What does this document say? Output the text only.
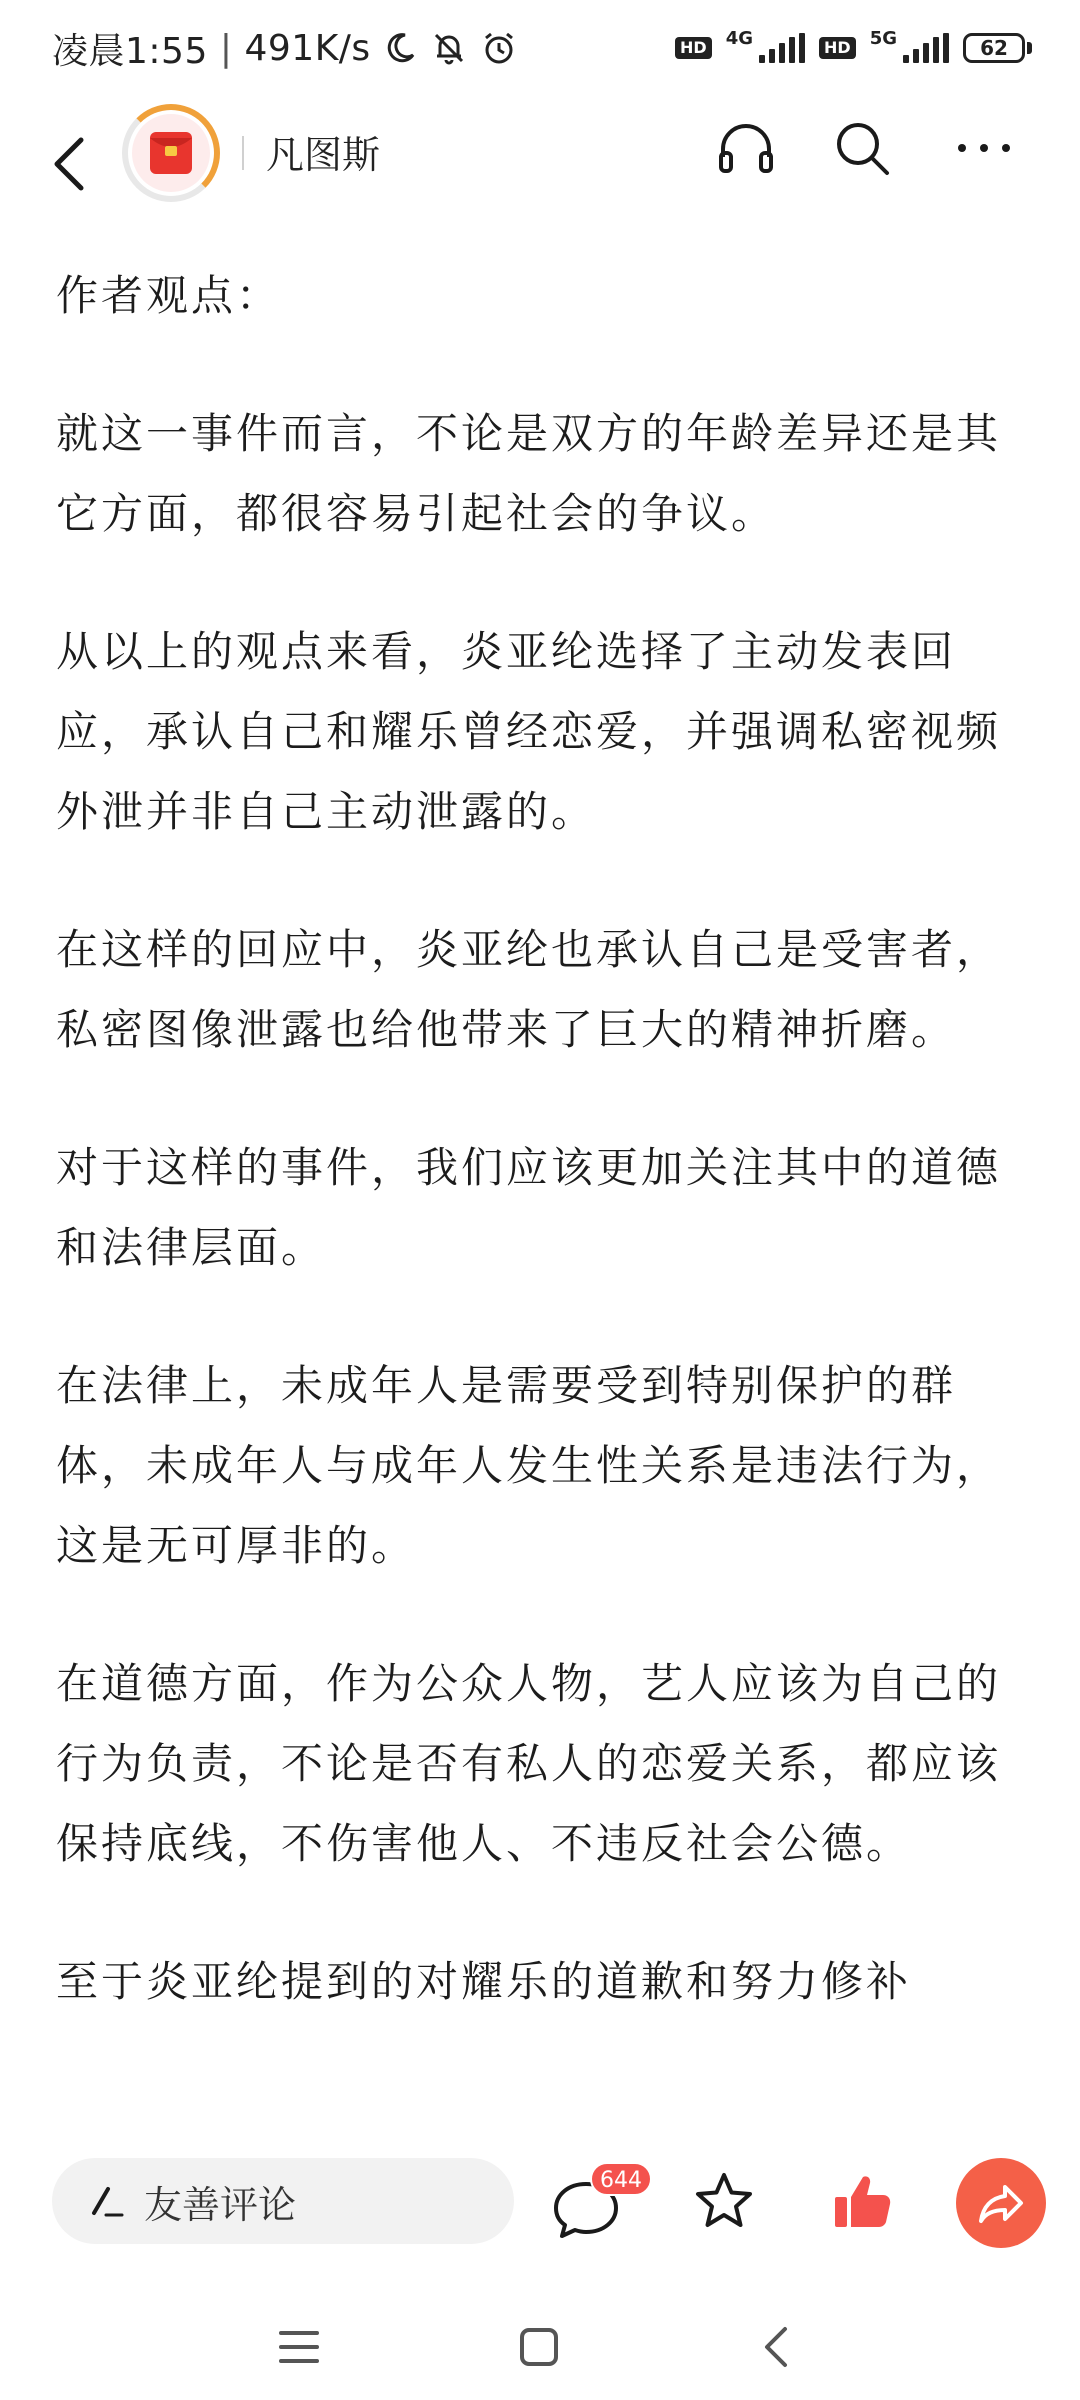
凌晨1:55 | 491K/s	HD 4G	HD 5G	62
凡图斯

作者观点：

就这一事件而言，不论是双方的年龄差异还是其它方面，都很容易引起社会的争议。

从以上的观点来看，炎亚纶选择了主动发表回应，承认自己和耀乐曾经恋爱，并强调私密视频外泄并非自己主动泄露的。

在这样的回应中，炎亚纶也承认自己是受害者，私密图像泄露也给他带来了巨大的精神折磨。

对于这样的事件，我们应该更加关注其中的道德和法律层面。

在法律上，未成年人是需要受到特别保护的群体，未成年人与成年人发生性关系是违法行为，这是无可厚非的。

在道德方面，作为公众人物，艺人应该为自己的行为负责，不论是否有私人的恋爱关系，都应该保持底线，不伤害他人、不违反社会公德。

至于炎亚纶提到的对耀乐的道歉和努力修补

友善评论
644
